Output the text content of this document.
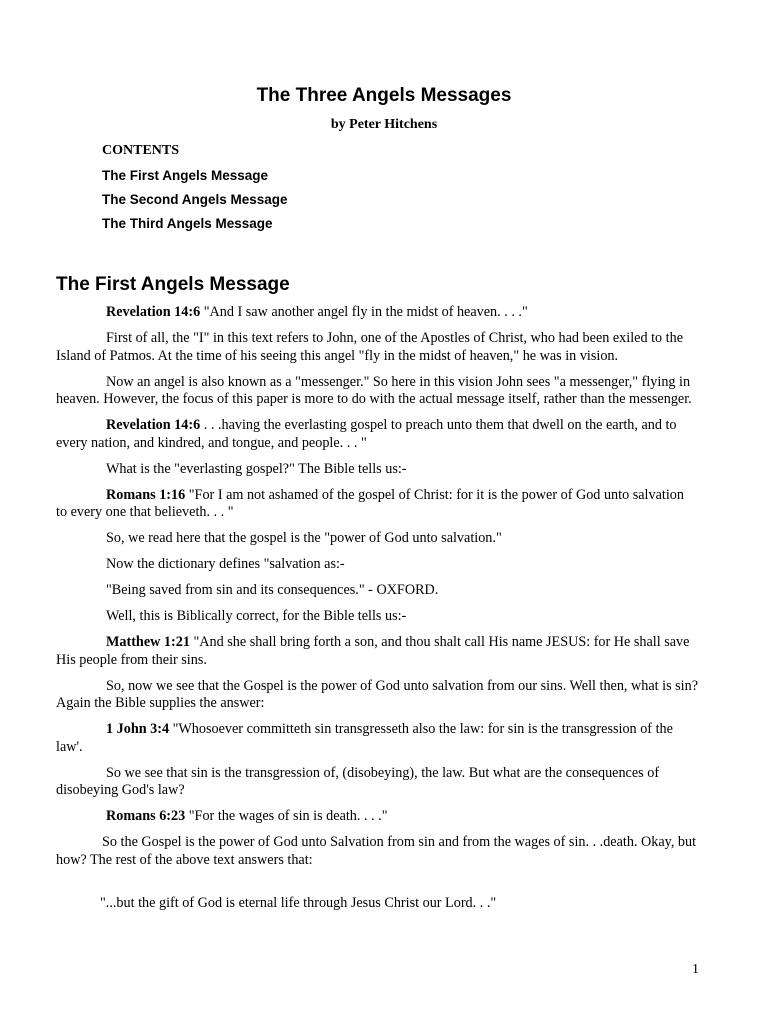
The Three Angels Messages
by Peter Hitchens
CONTENTS
The First Angels Message
The Second Angels Message
The Third Angels Message
The First Angels Message

Revelation 14:6 "And I saw another angel fly in the midst of heaven. . . ."

First of all, the "I" in this text refers to John, one of the Apostles of Christ, who had been exiled to the Island of Patmos. At the time of his seeing this angel "fly in the midst of heaven," he was in vision.

Now an angel is also known as a "messenger." So here in this vision John sees "a messenger," flying in heaven. However, the focus of this paper is more to do with the actual message itself, rather than the messenger.

Revelation 14:6 . . .having the everlasting gospel to preach unto them that dwell on the earth, and to every nation, and kindred, and tongue, and people. . . "

What is the "everlasting gospel?" The Bible tells us:-

Romans 1:16 "For I am not ashamed of the gospel of Christ: for it is the power of God unto salvation to every one that believeth. . . "

So, we read here that the gospel is the "power of God unto salvation."

Now the dictionary defines "salvation as:-

"Being saved from sin and its consequences." - OXFORD.

Well, this is Biblically correct, for the Bible tells us:-

Matthew 1:21 "And she shall bring forth a son, and thou shalt call His name JESUS: for He shall save His people from their sins.

So, now we see that the Gospel is the power of God unto salvation from our sins. Well then, what is sin? Again the Bible supplies the answer:

1 John 3:4 "Whosoever committeth sin transgresseth also the law: for sin is the transgression of the law'.

So we see that sin is the transgression of, (disobeying), the law. But what are the consequences of disobeying God's law?

Romans 6:23 "For the wages of sin is death. . . ."

So the Gospel is the power of God unto Salvation from sin and from the wages of sin. . .death. Okay, but how? The rest of the above text answers that:

"...but the gift of God is eternal life through Jesus Christ our Lord. . ."

1
